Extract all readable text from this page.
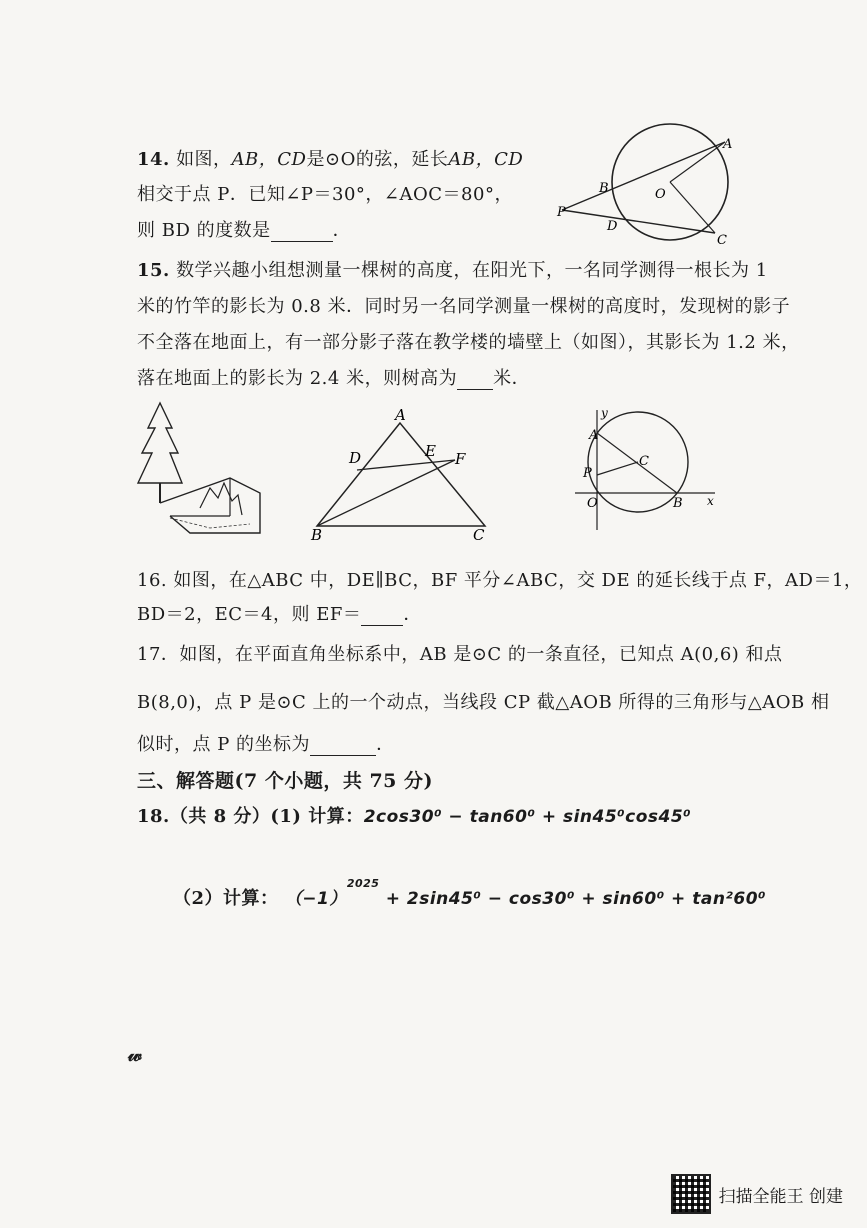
14. 如图，AB，CD是⊙O的弦，延长AB，CD
相交于点 P．已知∠P＝30°，∠AOC＝80°，
则 BD 的度数是	．
A
B	O
P
D
C
15. 数学兴趣小组想测量一棵树的高度，在阳光下，一名同学测得一根长为 1
米的竹竿的影长为 0.8 米．同时另一名同学测量一棵树的高度时，发现树的影子
不全落在地面上，有一部分影子落在教学楼的墙壁上（如图），其影长为 1.2 米，
落在地面上的影长为 2.4 米，则树高为 米．
A
D	E F
B	C
y
A
C
P
O	B x
16. 如图，在△ABC 中，DE∥BC，BF 平分∠ABC，交 DE 的延长线于点 F，AD＝1，
BD＝2，EC＝4，则 EF＝ ．
17．如图，在平面直角坐标系中，AB 是⊙C 的一条直径，已知点 A(0,6) 和点
B(8,0)，点 P 是⊙C 上的一个动点，当线段 CP 截△AOB 所得的三角形与△AOB 相
似时，点 P 的坐标为	．
三、解答题(7 个小题，共 75 分)
18.（共 8 分）(1) 计算：2cos30⁰ − tan60⁰ + sin45⁰cos45⁰
（2）计算： $(-1)^{2025} + 2\sin 45^0 - \cos 30^0 + \sin 60^0 + \tan^260^0$
𝓌
扫描全能王 创建
